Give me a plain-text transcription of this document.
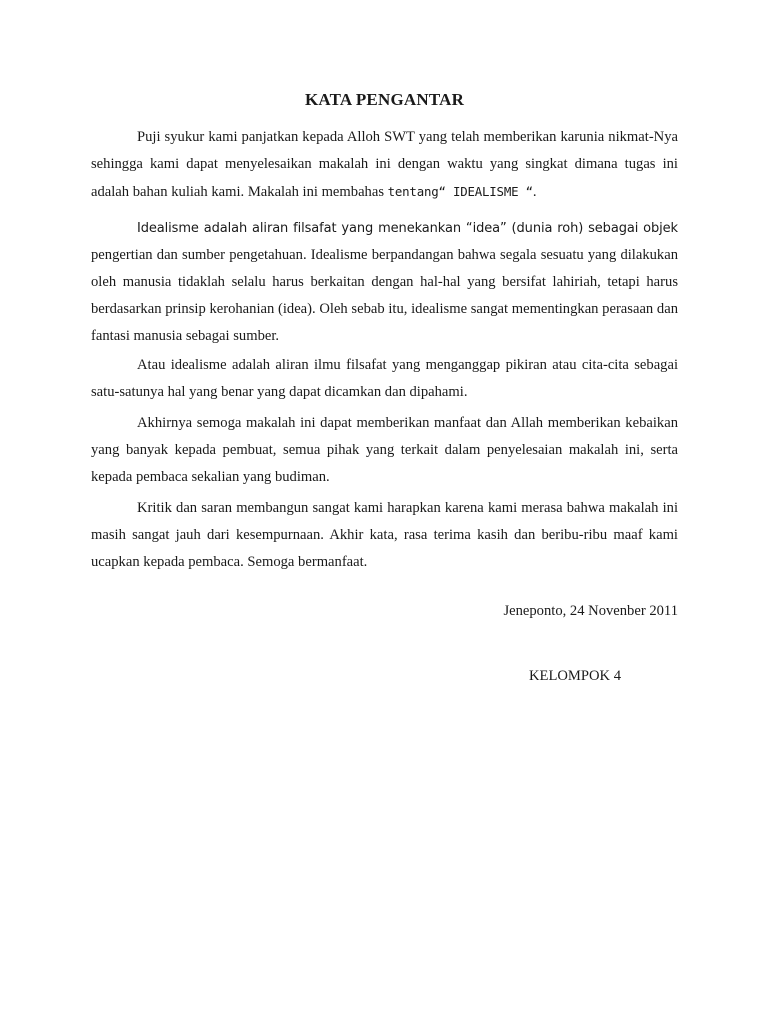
KATA PENGANTAR

Puji syukur kami panjatkan kepada Alloh SWT yang telah memberikan karunia nikmat-Nya sehingga kami dapat menyelesaikan makalah ini dengan waktu yang singkat dimana tugas ini adalah bahan kuliah kami. Makalah ini membahas tentang“ IDEALISME “.

Idealisme adalah aliran filsafat yang menekankan “idea” (dunia roh) sebagai objek pengertian dan sumber pengetahuan. Idealisme berpandangan bahwa segala sesuatu yang dilakukan oleh manusia tidaklah selalu harus berkaitan dengan hal-hal yang bersifat lahiriah, tetapi harus berdasarkan prinsip kerohanian (idea). Oleh sebab itu, idealisme sangat mementingkan perasaan dan fantasi manusia sebagai sumber.

Atau idealisme adalah aliran ilmu filsafat yang menganggap pikiran atau cita-cita sebagai satu-satunya hal yang benar yang dapat dicamkan dan dipahami.

Akhirnya semoga makalah ini dapat memberikan manfaat dan Allah memberikan kebaikan yang banyak kepada pembuat, semua pihak yang terkait dalam penyelesaian makalah ini, serta kepada pembaca sekalian yang budiman.

Kritik dan saran membangun sangat kami harapkan karena kami merasa bahwa makalah ini masih sangat jauh dari kesempurnaan. Akhir kata, rasa terima kasih dan beribu-ribu maaf kami ucapkan kepada pembaca. Semoga bermanfaat.

Jeneponto, 24 Novenber 2011
KELOMPOK 4
